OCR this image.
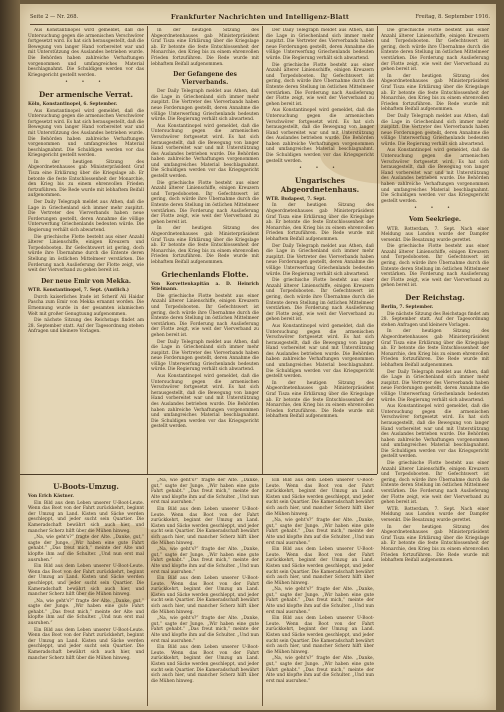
Seite 2 — Nr. 268.	Frankfurter Nachrichten und Intelligenz-Blatt	Freitag, 8. September 1916.

Aus Konstantinopel wird gemeldet, daß die Untersuchung gegen die armenischen Verschwörer fortgesetzt wird. Es hat sich herausgestellt, daß die Bewegung von langer Hand vorbereitet war und mit Unterstützung des Auslandes betrieben wurde. Die Behörden haben zahlreiche Verhaftungen vorgenommen und umfangreiches Material beschlagnahmt. Die Schuldigen werden vor das Kriegsgericht gestellt werden.

• • •
Der armenische Verrat.

Köln, Konstantinopel, 6. September.

Aus Konstantinopel wird gemeldet, daß die Untersuchung gegen die armenischen Verschwörer fortgesetzt wird. Es hat sich herausgestellt, daß die Bewegung von langer Hand vorbereitet war und mit Unterstützung des Auslandes betrieben wurde. Die Behörden haben zahlreiche Verhaftungen vorgenommen und umfangreiches Material beschlagnahmt. Die Schuldigen werden vor das Kriegsgericht gestellt werden.

In der heutigen Sitzung des Abgeordnetenhauses gab Ministerpräsident Graf Tisza eine Erklärung über die Kriegslage ab. Er betonte die feste Entschlossenheit der Monarchie, den Krieg bis zu einem ehrenvollen Frieden fortzuführen. Die Rede wurde mit lebhaftem Beifall aufgenommen.

Der Daily Telegraph meldet aus Athen, daß die Lage in Griechenland sich immer mehr zuspitzt. Die Vertreter des Vierverbands haben neue Forderungen gestellt, deren Annahme die völlige Unterwerfung Griechenlands bedeuten würde. Die Regierung verhält sich abwartend.

Die griechische Flotte besteht aus einer Anzahl älterer Linienschiffe, einigen Kreuzern und Torpedobooten. Ihr Gefechtswert ist gering, doch würde ihre Übernahme durch die Entente deren Stellung im östlichen Mittelmeer verstärken. Die Forderung nach Auslieferung der Flotte zeigt, wie weit der Vierverband zu gehen bereit ist.

Der neue Emir von Mekka.

WTB. Konstantinopel, 7. Sept. (Amtlich.)

Durch kaiserliches Irade ist Scherif Ali Haidar Pascha zum Emir von Mekka ernannt worden. Die Ernennung wurde in der gesamten islamischen Welt mit großer Genugtuung aufgenommen.

Die nächste Sitzung des Reichstags findet am 28. September statt. Auf der Tagesordnung stehen Anfragen und kleinere Vorlagen.

In der heutigen Sitzung des Abgeordnetenhauses gab Ministerpräsident Graf Tisza eine Erklärung über die Kriegslage ab. Er betonte die feste Entschlossenheit der Monarchie, den Krieg bis zu einem ehrenvollen Frieden fortzuführen. Die Rede wurde mit lebhaftem Beifall aufgenommen.

Der Gefangene des Vierverbands.

Der Daily Telegraph meldet aus Athen, daß die Lage in Griechenland sich immer mehr zuspitzt. Die Vertreter des Vierverbands haben neue Forderungen gestellt, deren Annahme die völlige Unterwerfung Griechenlands bedeuten würde. Die Regierung verhält sich abwartend.

Aus Konstantinopel wird gemeldet, daß die Untersuchung gegen die armenischen Verschwörer fortgesetzt wird. Es hat sich herausgestellt, daß die Bewegung von langer Hand vorbereitet war und mit Unterstützung des Auslandes betrieben wurde. Die Behörden haben zahlreiche Verhaftungen vorgenommen und umfangreiches Material beschlagnahmt. Die Schuldigen werden vor das Kriegsgericht gestellt werden.

Die griechische Flotte besteht aus einer Anzahl älterer Linienschiffe, einigen Kreuzern und Torpedobooten. Ihr Gefechtswert ist gering, doch würde ihre Übernahme durch die Entente deren Stellung im östlichen Mittelmeer verstärken. Die Forderung nach Auslieferung der Flotte zeigt, wie weit der Vierverband zu gehen bereit ist.

In der heutigen Sitzung des Abgeordnetenhauses gab Ministerpräsident Graf Tisza eine Erklärung über die Kriegslage ab. Er betonte die feste Entschlossenheit der Monarchie, den Krieg bis zu einem ehrenvollen Frieden fortzuführen. Die Rede wurde mit lebhaftem Beifall aufgenommen.

Griechenlands Flotte.

Von Korvettenkapitän a. D. Heinrich Stielmann.

Die griechische Flotte besteht aus einer Anzahl älterer Linienschiffe, einigen Kreuzern und Torpedobooten. Ihr Gefechtswert ist gering, doch würde ihre Übernahme durch die Entente deren Stellung im östlichen Mittelmeer verstärken. Die Forderung nach Auslieferung der Flotte zeigt, wie weit der Vierverband zu gehen bereit ist.

Der Daily Telegraph meldet aus Athen, daß die Lage in Griechenland sich immer mehr zuspitzt. Die Vertreter des Vierverbands haben neue Forderungen gestellt, deren Annahme die völlige Unterwerfung Griechenlands bedeuten würde. Die Regierung verhält sich abwartend.

Aus Konstantinopel wird gemeldet, daß die Untersuchung gegen die armenischen Verschwörer fortgesetzt wird. Es hat sich herausgestellt, daß die Bewegung von langer Hand vorbereitet war und mit Unterstützung des Auslandes betrieben wurde. Die Behörden haben zahlreiche Verhaftungen vorgenommen und umfangreiches Material beschlagnahmt. Die Schuldigen werden vor das Kriegsgericht gestellt werden.

Der Daily Telegraph meldet aus Athen, daß die Lage in Griechenland sich immer mehr zuspitzt. Die Vertreter des Vierverbands haben neue Forderungen gestellt, deren Annahme die völlige Unterwerfung Griechenlands bedeuten würde. Die Regierung verhält sich abwartend.

Die griechische Flotte besteht aus einer Anzahl älterer Linienschiffe, einigen Kreuzern und Torpedobooten. Ihr Gefechtswert ist gering, doch würde ihre Übernahme durch die Entente deren Stellung im östlichen Mittelmeer verstärken. Die Forderung nach Auslieferung der Flotte zeigt, wie weit der Vierverband zu gehen bereit ist.

Aus Konstantinopel wird gemeldet, daß die Untersuchung gegen die armenischen Verschwörer fortgesetzt wird. Es hat sich herausgestellt, daß die Bewegung von langer Hand vorbereitet war und mit Unterstützung des Auslandes betrieben wurde. Die Behörden haben zahlreiche Verhaftungen vorgenommen und umfangreiches Material beschlagnahmt. Die Schuldigen werden vor das Kriegsgericht gestellt werden.

• • •
Ungarisches Abgeordnetenhaus.

WTB. Budapest, 7. Sept.

In der heutigen Sitzung des Abgeordnetenhauses gab Ministerpräsident Graf Tisza eine Erklärung über die Kriegslage ab. Er betonte die feste Entschlossenheit der Monarchie, den Krieg bis zu einem ehrenvollen Frieden fortzuführen. Die Rede wurde mit lebhaftem Beifall aufgenommen.

Der Daily Telegraph meldet aus Athen, daß die Lage in Griechenland sich immer mehr zuspitzt. Die Vertreter des Vierverbands haben neue Forderungen gestellt, deren Annahme die völlige Unterwerfung Griechenlands bedeuten würde. Die Regierung verhält sich abwartend.

Die griechische Flotte besteht aus einer Anzahl älterer Linienschiffe, einigen Kreuzern und Torpedobooten. Ihr Gefechtswert ist gering, doch würde ihre Übernahme durch die Entente deren Stellung im östlichen Mittelmeer verstärken. Die Forderung nach Auslieferung der Flotte zeigt, wie weit der Vierverband zu gehen bereit ist.

Aus Konstantinopel wird gemeldet, daß die Untersuchung gegen die armenischen Verschwörer fortgesetzt wird. Es hat sich herausgestellt, daß die Bewegung von langer Hand vorbereitet war und mit Unterstützung des Auslandes betrieben wurde. Die Behörden haben zahlreiche Verhaftungen vorgenommen und umfangreiches Material beschlagnahmt. Die Schuldigen werden vor das Kriegsgericht gestellt werden.

In der heutigen Sitzung des Abgeordnetenhauses gab Ministerpräsident Graf Tisza eine Erklärung über die Kriegslage ab. Er betonte die feste Entschlossenheit der Monarchie, den Krieg bis zu einem ehrenvollen Frieden fortzuführen. Die Rede wurde mit lebhaftem Beifall aufgenommen.

Die griechische Flotte besteht aus einer Anzahl älterer Linienschiffe, einigen Kreuzern und Torpedobooten. Ihr Gefechtswert ist gering, doch würde ihre Übernahme durch die Entente deren Stellung im östlichen Mittelmeer verstärken. Die Forderung nach Auslieferung der Flotte zeigt, wie weit der Vierverband zu gehen bereit ist.

In der heutigen Sitzung des Abgeordnetenhauses gab Ministerpräsident Graf Tisza eine Erklärung über die Kriegslage ab. Er betonte die feste Entschlossenheit der Monarchie, den Krieg bis zu einem ehrenvollen Frieden fortzuführen. Die Rede wurde mit lebhaftem Beifall aufgenommen.

Der Daily Telegraph meldet aus Athen, daß die Lage in Griechenland sich immer mehr zuspitzt. Die Vertreter des Vierverbands haben neue Forderungen gestellt, deren Annahme die völlige Unterwerfung Griechenlands bedeuten würde. Die Regierung verhält sich abwartend.

Aus Konstantinopel wird gemeldet, daß die Untersuchung gegen die armenischen Verschwörer fortgesetzt wird. Es hat sich herausgestellt, daß die Bewegung von langer Hand vorbereitet war und mit Unterstützung des Auslandes betrieben wurde. Die Behörden haben zahlreiche Verhaftungen vorgenommen und umfangreiches Material beschlagnahmt. Die Schuldigen werden vor das Kriegsgericht gestellt werden.

• • •
Vom Seekriege.

WTB. Rotterdam, 7. Sept. Nach einer Meldung aus London wurde der Dampfer versenkt. Die Besatzung wurde gerettet.

Die griechische Flotte besteht aus einer Anzahl älterer Linienschiffe, einigen Kreuzern und Torpedobooten. Ihr Gefechtswert ist gering, doch würde ihre Übernahme durch die Entente deren Stellung im östlichen Mittelmeer verstärken. Die Forderung nach Auslieferung der Flotte zeigt, wie weit der Vierverband zu gehen bereit ist.

Der Reichstag.

Berlin, 7. September.

Die nächste Sitzung des Reichstags findet am 28. September statt. Auf der Tagesordnung stehen Anfragen und kleinere Vorlagen.

In der heutigen Sitzung des Abgeordnetenhauses gab Ministerpräsident Graf Tisza eine Erklärung über die Kriegslage ab. Er betonte die feste Entschlossenheit der Monarchie, den Krieg bis zu einem ehrenvollen Frieden fortzuführen. Die Rede wurde mit lebhaftem Beifall aufgenommen.

Der Daily Telegraph meldet aus Athen, daß die Lage in Griechenland sich immer mehr zuspitzt. Die Vertreter des Vierverbands haben neue Forderungen gestellt, deren Annahme die völlige Unterwerfung Griechenlands bedeuten würde. Die Regierung verhält sich abwartend.

Aus Konstantinopel wird gemeldet, daß die Untersuchung gegen die armenischen Verschwörer fortgesetzt wird. Es hat sich herausgestellt, daß die Bewegung von langer Hand vorbereitet war und mit Unterstützung des Auslandes betrieben wurde. Die Behörden haben zahlreiche Verhaftungen vorgenommen und umfangreiches Material beschlagnahmt. Die Schuldigen werden vor das Kriegsgericht gestellt werden.

Die griechische Flotte besteht aus einer Anzahl älterer Linienschiffe, einigen Kreuzern und Torpedobooten. Ihr Gefechtswert ist gering, doch würde ihre Übernahme durch die Entente deren Stellung im östlichen Mittelmeer verstärken. Die Forderung nach Auslieferung der Flotte zeigt, wie weit der Vierverband zu gehen bereit ist.

WTB. Rotterdam, 7. Sept. Nach einer Meldung aus London wurde der Dampfer versenkt. Die Besatzung wurde gerettet.

In der heutigen Sitzung des Abgeordnetenhauses gab Ministerpräsident Graf Tisza eine Erklärung über die Kriegslage ab. Er betonte die feste Entschlossenheit der Monarchie, den Krieg bis zu einem ehrenvollen Frieden fortzuführen. Die Rede wurde mit lebhaftem Beifall aufgenommen.

U-Boots-Umzug.

Von Erich Kästner.

Ein Bild aus dem Leben unserer U-Boot-Leute. Wenn das Boot von der Fahrt zurückkehrt, beginnt der Umzug an Land. Kisten und Säcke werden geschleppt, und jeder sucht sein Quartier. Die Kameradschaft bewährt sich auch hier, und mancher Scherz hilft über die Mühen hinweg.

„Na, wie geht's?“ fragte der Alte. „Danke, gut,“ sagte der Junge. „Wir haben eine gute Fahrt gehabt.“ „Das freut mich,“ meinte der Alte und klopfte ihm auf die Schulter. „Und nun erst mal ausruhen.“

Ein Bild aus dem Leben unserer U-Boot-Leute. Wenn das Boot von der Fahrt zurückkehrt, beginnt der Umzug an Land. Kisten und Säcke werden geschleppt, und jeder sucht sein Quartier. Die Kameradschaft bewährt sich auch hier, und mancher Scherz hilft über die Mühen hinweg.

„Na, wie geht's?“ fragte der Alte. „Danke, gut,“ sagte der Junge. „Wir haben eine gute Fahrt gehabt.“ „Das freut mich,“ meinte der Alte und klopfte ihm auf die Schulter. „Und nun erst mal ausruhen.“

Ein Bild aus dem Leben unserer U-Boot-Leute. Wenn das Boot von der Fahrt zurückkehrt, beginnt der Umzug an Land. Kisten und Säcke werden geschleppt, und jeder sucht sein Quartier. Die Kameradschaft bewährt sich auch hier, und mancher Scherz hilft über die Mühen hinweg.

„Na, wie geht's?“ fragte der Alte. „Danke, gut,“ sagte der Junge. „Wir haben eine gute Fahrt gehabt.“ „Das freut mich,“ meinte der Alte und klopfte ihm auf die Schulter. „Und nun erst mal ausruhen.“

Ein Bild aus dem Leben unserer U-Boot-Leute. Wenn das Boot von der Fahrt zurückkehrt, beginnt der Umzug an Land. Kisten und Säcke werden geschleppt, und jeder sucht sein Quartier. Die Kameradschaft bewährt sich auch hier, und mancher Scherz hilft über die Mühen hinweg.

„Na, wie geht's?“ fragte der Alte. „Danke, gut,“ sagte der Junge. „Wir haben eine gute Fahrt gehabt.“ „Das freut mich,“ meinte der Alte und klopfte ihm auf die Schulter. „Und nun erst mal ausruhen.“

Ein Bild aus dem Leben unserer U-Boot-Leute. Wenn das Boot von der Fahrt zurückkehrt, beginnt der Umzug an Land. Kisten und Säcke werden geschleppt, und jeder sucht sein Quartier. Die Kameradschaft bewährt sich auch hier, und mancher Scherz hilft über die Mühen hinweg.

„Na, wie geht's?“ fragte der Alte. „Danke, gut,“ sagte der Junge. „Wir haben eine gute Fahrt gehabt.“ „Das freut mich,“ meinte der Alte und klopfte ihm auf die Schulter. „Und nun erst mal ausruhen.“

Ein Bild aus dem Leben unserer U-Boot-Leute. Wenn das Boot von der Fahrt zurückkehrt, beginnt der Umzug an Land. Kisten und Säcke werden geschleppt, und jeder sucht sein Quartier. Die Kameradschaft bewährt sich auch hier, und mancher Scherz hilft über die Mühen hinweg.

Ein Bild aus dem Leben unserer U-Boot-Leute. Wenn das Boot von der Fahrt zurückkehrt, beginnt der Umzug an Land. Kisten und Säcke werden geschleppt, und jeder sucht sein Quartier. Die Kameradschaft bewährt sich auch hier, und mancher Scherz hilft über die Mühen hinweg.

„Na, wie geht's?“ fragte der Alte. „Danke, gut,“ sagte der Junge. „Wir haben eine gute Fahrt gehabt.“ „Das freut mich,“ meinte der Alte und klopfte ihm auf die Schulter. „Und nun erst mal ausruhen.“

Ein Bild aus dem Leben unserer U-Boot-Leute. Wenn das Boot von der Fahrt zurückkehrt, beginnt der Umzug an Land. Kisten und Säcke werden geschleppt, und jeder sucht sein Quartier. Die Kameradschaft bewährt sich auch hier, und mancher Scherz hilft über die Mühen hinweg.

„Na, wie geht's?“ fragte der Alte. „Danke, gut,“ sagte der Junge. „Wir haben eine gute Fahrt gehabt.“ „Das freut mich,“ meinte der Alte und klopfte ihm auf die Schulter. „Und nun erst mal ausruhen.“

Ein Bild aus dem Leben unserer U-Boot-Leute. Wenn das Boot von der Fahrt zurückkehrt, beginnt der Umzug an Land. Kisten und Säcke werden geschleppt, und jeder sucht sein Quartier. Die Kameradschaft bewährt sich auch hier, und mancher Scherz hilft über die Mühen hinweg.

„Na, wie geht's?“ fragte der Alte. „Danke, gut,“ sagte der Junge. „Wir haben eine gute Fahrt gehabt.“ „Das freut mich,“ meinte der Alte und klopfte ihm auf die Schulter. „Und nun erst mal ausruhen.“
